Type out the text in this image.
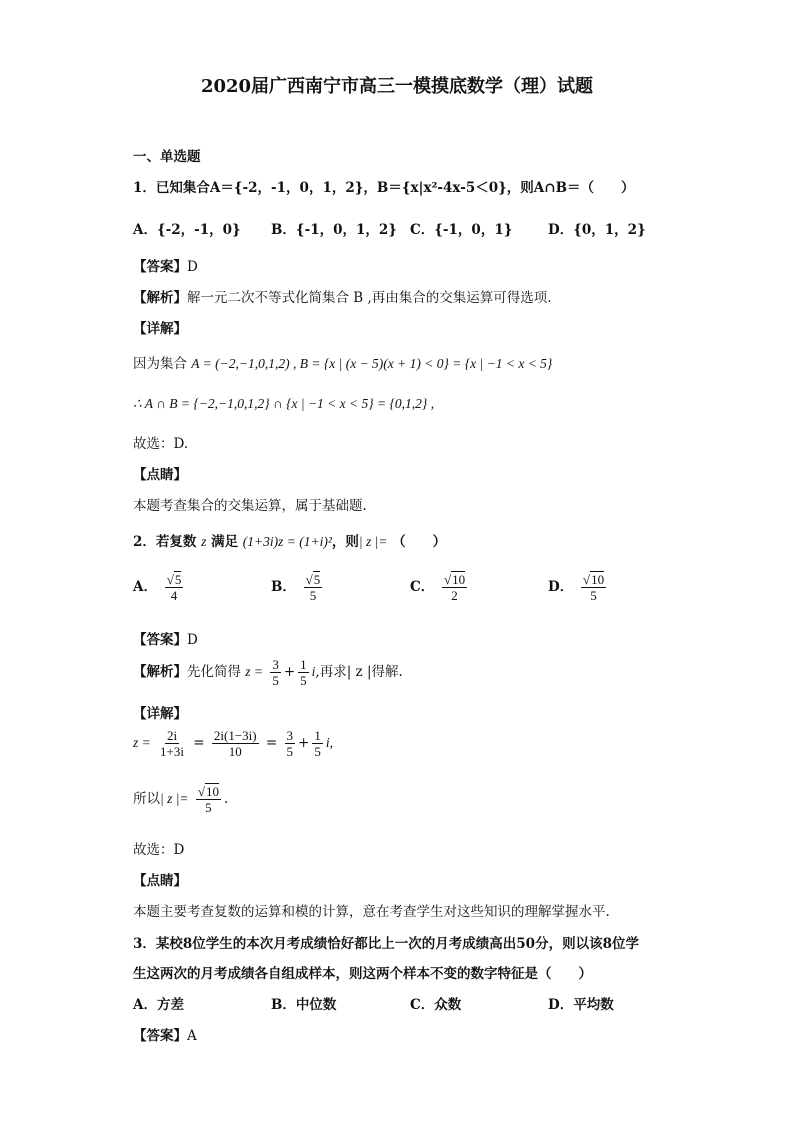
2020届广西南宁市高三一模摸底数学（理）试题
一、单选题
1．已知集合A＝{-2，-1，0，1，2}，B＝{x|x²-4x-5＜0}，则A∩B＝（　　）
A．{-2，-1，0} B．{-1，0，1，2} C．{-1，0，1}	D．{0，1，2}
【答案】D
【解析】解一元二次不等式化简集合 B ,再由集合的交集运算可得选项.
【详解】
因为集合 A = (−2,−1,0,1,2) , B = {x | (x − 5)(x + 1) < 0} = {x | −1 < x < 5}
∴ A ∩ B = {−2,−1,0,1,2} ∩ {x | −1 < x < 5} = {0,1,2} ,
故选：D.
【点睛】
本题考查集合的交集运算，属于基础题.
2．若复数 z 满足 (1+3i)z = (1+i)²，则| z |= （　　）
A． $\frac{√5}{4}$	B． $\frac{√5}{5}$	C． $\frac{√10}{2}$	D． $\frac{√10}{5}$
【答案】D
【解析】先化简得 $z = \frac{3}{5} + \frac{1}{5} i$,再求| z |得解.
【详解】
$z = \frac{2i}{1+3i} = \frac{2i(1-3i)}{10} = \frac{3}{5} + \frac{1}{5} i$,
所以| z |= $\frac{√10}{5}$ .
故选：D
【点睛】
本题主要考查复数的运算和模的计算，意在考查学生对这些知识的理解掌握水平.
3．某校8位学生的本次月考成绩恰好都比上一次的月考成绩高出50分，则以该8位学
生这两次的月考成绩各自组成样本，则这两个样本不变的数字特征是（　　）
A．方差	B．中位数	C．众数	D．平均数
【答案】A
